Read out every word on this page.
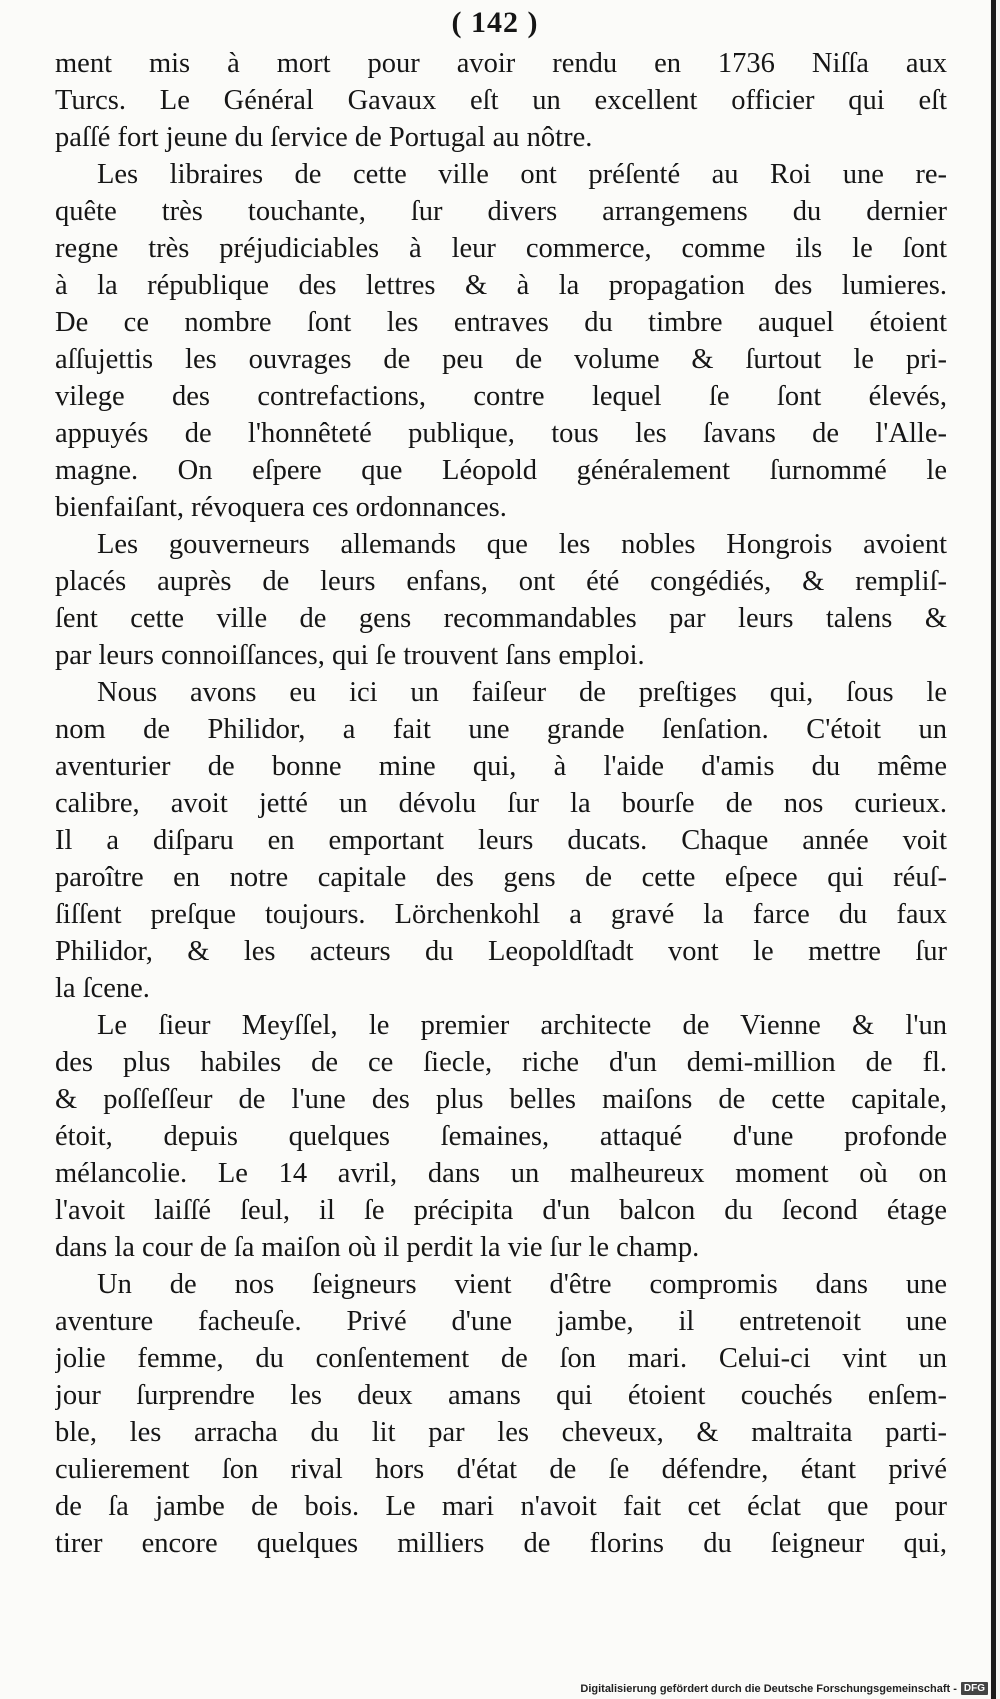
( 142 )
ment mis à mort pour avoir rendu en 1736 Niſſa aux
Turcs. Le Général Gavaux eſt un excellent officier qui eſt
paſſé fort jeune du ſervice de Portugal au nôtre.
Les libraires de cette ville ont préſenté au Roi une re-
quête très touchante, ſur divers arrangemens du dernier
regne très préjudiciables à leur commerce, comme ils le ſont
à la république des lettres & à la propagation des lumieres.
De ce nombre ſont les entraves du timbre auquel étoient
aſſujettis les ouvrages de peu de volume & ſurtout le pri-
vilege des contrefactions, contre lequel ſe ſont élevés,
appuyés de l'honnêteté publique, tous les ſavans de l'Alle-
magne. On eſpere que Léopold généralement ſurnommé le
bienfaiſant, révoquera ces ordonnances.
Les gouverneurs allemands que les nobles Hongrois avoient
placés auprès de leurs enfans, ont été congédiés, & rempliſ-
ſent cette ville de gens recommandables par leurs talens &
par leurs connoiſſances, qui ſe trouvent ſans emploi.
Nous avons eu ici un faiſeur de preſtiges qui, ſous le
nom de Philidor, a fait une grande ſenſation. C'étoit un
aventurier de bonne mine qui, à l'aide d'amis du même
calibre, avoit jetté un dévolu ſur la bourſe de nos curieux.
Il a diſparu en emportant leurs ducats. Chaque année voit
paroître en notre capitale des gens de cette eſpece qui réuſ-
ſiſſent preſque toujours. Lörchenkohl a gravé la farce du faux
Philidor, & les acteurs du Leopoldſtadt vont le mettre ſur
la ſcene.
Le ſieur Meyſſel, le premier architecte de Vienne & l'un
des plus habiles de ce ſiecle, riche d'un demi-million de fl.
& poſſeſſeur de l'une des plus belles maiſons de cette capitale,
étoit, depuis quelques ſemaines, attaqué d'une profonde
mélancolie. Le 14 avril, dans un malheureux moment où on
l'avoit laiſſé ſeul, il ſe précipita d'un balcon du ſecond étage
dans la cour de ſa maiſon où il perdit la vie ſur le champ.
Un de nos ſeigneurs vient d'être compromis dans une
aventure facheuſe. Privé d'une jambe, il entretenoit une
jolie femme, du conſentement de ſon mari. Celui-ci vint un
jour ſurprendre les deux amans qui étoient couchés enſem-
ble, les arracha du lit par les cheveux, & maltraita parti-
culierement ſon rival hors d'état de ſe défendre, étant privé
de ſa jambe de bois. Le mari n'avoit fait cet éclat que pour
tirer encore quelques milliers de florins du ſeigneur qui,
Digitalisierung gefördert durch die Deutsche Forschungsgemeinschaft - DFG
